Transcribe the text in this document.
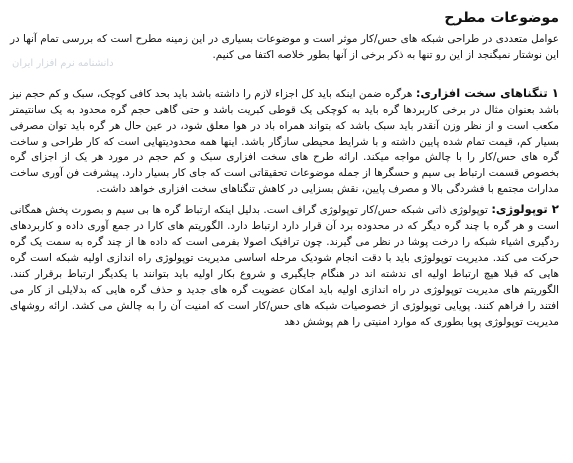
موضوعات مطرح
دانشنامه نرم افزار ایران

عوامل متعددی در طراحی شبکه های حس/کار موثر است و موضوعات بسیاری در این زمینه مطرح است که بررسی تمام آنها در این نوشتار نمیگنجد از این رو تنها به ذکر برخی از آنها بطور خلاصه اکتفا می کنیم.

۱تنگناهای سخت افزاری: هرگره ضمن اینکه باید کل اجزاء لازم را داشته باشد باید بحد کافی کوچک، سبک و کم حجم نیز باشد بعنوان مثال در برخی کاربردها گره باید به کوچکی یک قوطی کبریت باشد و حتی گاهی حجم گره محدود به یک سانتیمتر مکعب است و از نظر وزن آنقدر باید سبک باشد که بتواند همراه باد در هوا معلق شود، در عین حال هر گره باید توان مصرفی بسیار کم، قیمت تمام شده پایین داشته و با شرایط محیطی سازگار باشد. اینها همه محدودیتهایی است که کار طراحی و ساخت گره های حس/کار را با چالش مواجه میکند. ارائه طرح های سخت افزاری سبک و کم حجم در مورد هر یک از اجزای گره بخصوص قسمت ارتباط بی سیم و حسگرها از جمله موضوعات تحقیقاتی است که جای کار بسیار دارد. پیشرفت فن آوری ساخت مدارات مجتمع با فشردگی بالا و مصرف پایین، نقش بسزایی در کاهش تنگناهای سخت افزاری خواهد داشت.

۲توپولوژی: توپولوژی ذاتی شبکه حس/کار توپولوژی گراف است. بدلیل اینکه ارتباط گره ها بی سیم و بصورت پخش همگانی است و هر گره با چند گره دیگر که در محدوده برد آن قرار دارد ارتباط دارد. الگوریتم های کارا در جمع آوری داده و کاربردهای ردگیری اشیاء شبکه را درخت پوشا در نظر می گیرند. چون ترافیک اصولا بفرمی است که داده ها از چند گره به سمت یک گره حرکت می کند. مدیریت توپولوژی باید با دقت انجام شودیک مرحله اساسی مدیریت توپولوژی راه اندازی اولیه شبکه است گره هایی که قبلا هیچ ارتباط اولیه ای ندشته اند در هنگام جایگیری و شروع بکار اولیه باید بتوانند با یکدیگر ارتباط برقرار کنند. الگوریتم های مدیریت توپولوژی در راه اندازی اولیه باید امکان عضویت گره های جدید و حذف گره هایی که بدلایلی از کار می افتند را فراهم کنند. پویایی توپولوژی از خصوصیات شبکه های حس/کار است که امنیت آن را به چالش می کشد. ارائه روشهای مدیریت توپولوژی پویا بطوری که موارد امنیتی را هم پوشش دهد
